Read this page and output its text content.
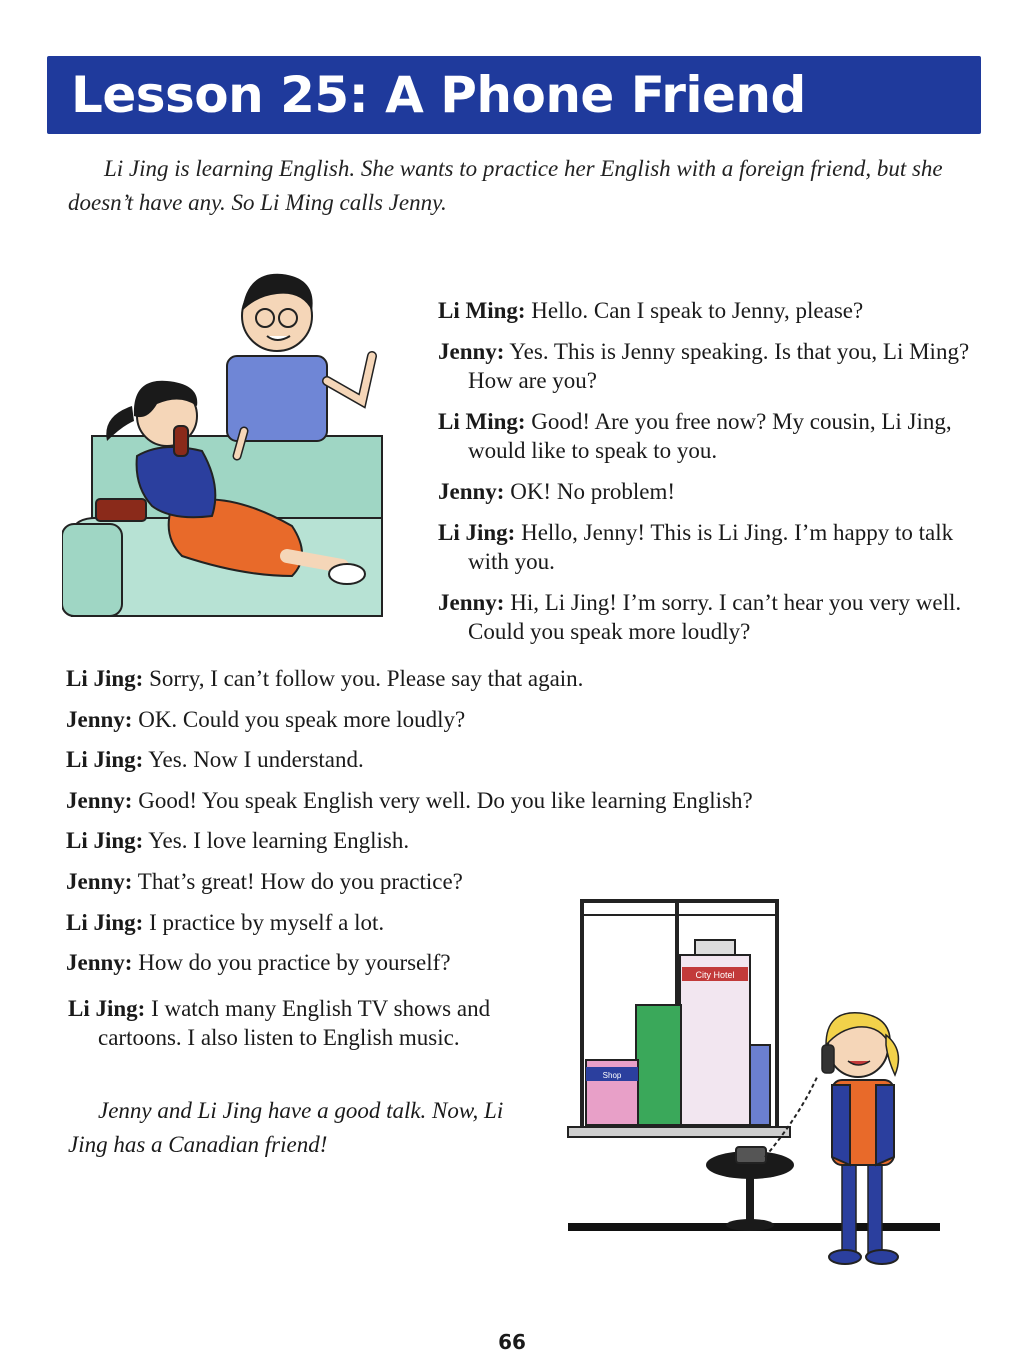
Lesson 25: A Phone Friend
Li Jing is learning English. She wants to practice her English with a foreign friend, but she doesn’t have any. So Li Ming calls Jenny.

Li Ming: Hello. Can I speak to Jenny, please?

Jenny: Yes. This is Jenny speaking. Is that you, Li Ming? How are you?

Li Ming: Good! Are you free now? My cousin, Li Jing, would like to speak to you.

Jenny: OK! No problem!

Li Jing: Hello, Jenny! This is Li Jing. I’m happy to talk with you.

Jenny: Hi, Li Jing! I’m sorry. I can’t hear you very well. Could you speak more loudly?

Li Jing: Sorry, I can’t follow you. Please say that again.

Jenny: OK. Could you speak more loudly?

Li Jing: Yes. Now I understand.

Jenny: Good! You speak English very well. Do you like learning English?

Li Jing: Yes. I love learning English.

Jenny: That’s great! How do you practice?

Li Jing: I practice by myself a lot.

Jenny: How do you practice by yourself?

Li Jing: I watch many English TV shows and cartoons. I also listen to English music.

Jenny and Li Jing have a good talk. Now, Li Jing has a Canadian friend!
City Hotel
Shop
66
